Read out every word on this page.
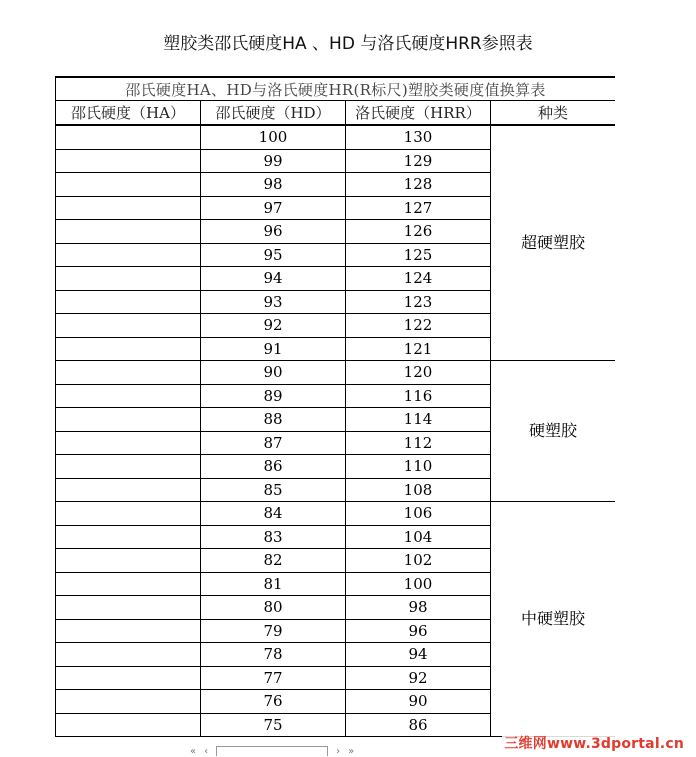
塑胶类邵氏硬度HA 、HD 与洛氏硬度HRR参照表
邵氏硬度HA、HD与洛氏硬度HR(R标尺)塑胶类硬度值换算表			
邵氏硬度（HA）	邵氏硬度（HD）	洛氏硬度（HRR）	种类
	100	130	超硬塑胶
	99	129	
	98	128	
	97	127	
	96	126	
	95	125	
	94	124	
	93	123	
	92	122	
	91	121	
	90	120	硬塑胶
	89	116	
	88	114	
	87	112	
	86	110	
	85	108	
	84	106	中硬塑胶
	83	104	
	82	102	
	81	100	
	80	98	
	79	96	
	78	94	
	77	92	
	76	90	
	75	86	
« ‹	› »	三维网www.3dportal.cn
